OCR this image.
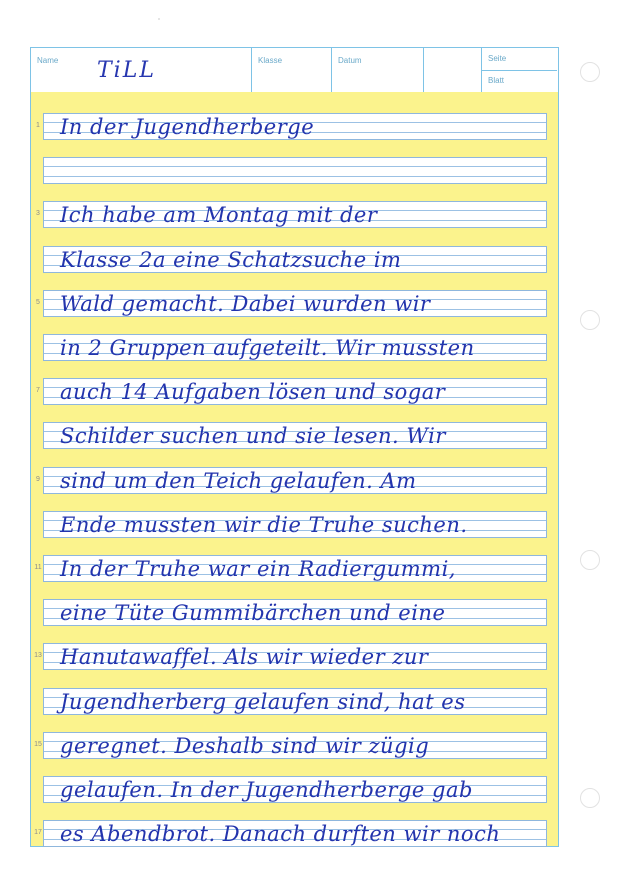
Name TiLL	Klasse	Datum	Seite
Blatt
1 In der Jugendherberge
3 Ich habe am Montag mit der
Klasse 2a eine Schatzsuche im
5 Wald gemacht. Dabei wurden wir
in 2 Gruppen aufgeteilt. Wir mussten
7 auch 14 Aufgaben lösen und sogar
Schilder suchen und sie lesen. Wir
9 sind um den Teich gelaufen. Am
Ende mussten wir die Truhe suchen.
11 In der Truhe war ein Radiergummi,
eine Tüte Gummibärchen und eine
13 Hanutawaffel. Als wir wieder zur
Jugendherberg gelaufen sind, hat es
15 geregnet. Deshalb sind wir zügig
gelaufen. In der Jugendherberge gab
17 es Abendbrot. Danach durften wir noch
